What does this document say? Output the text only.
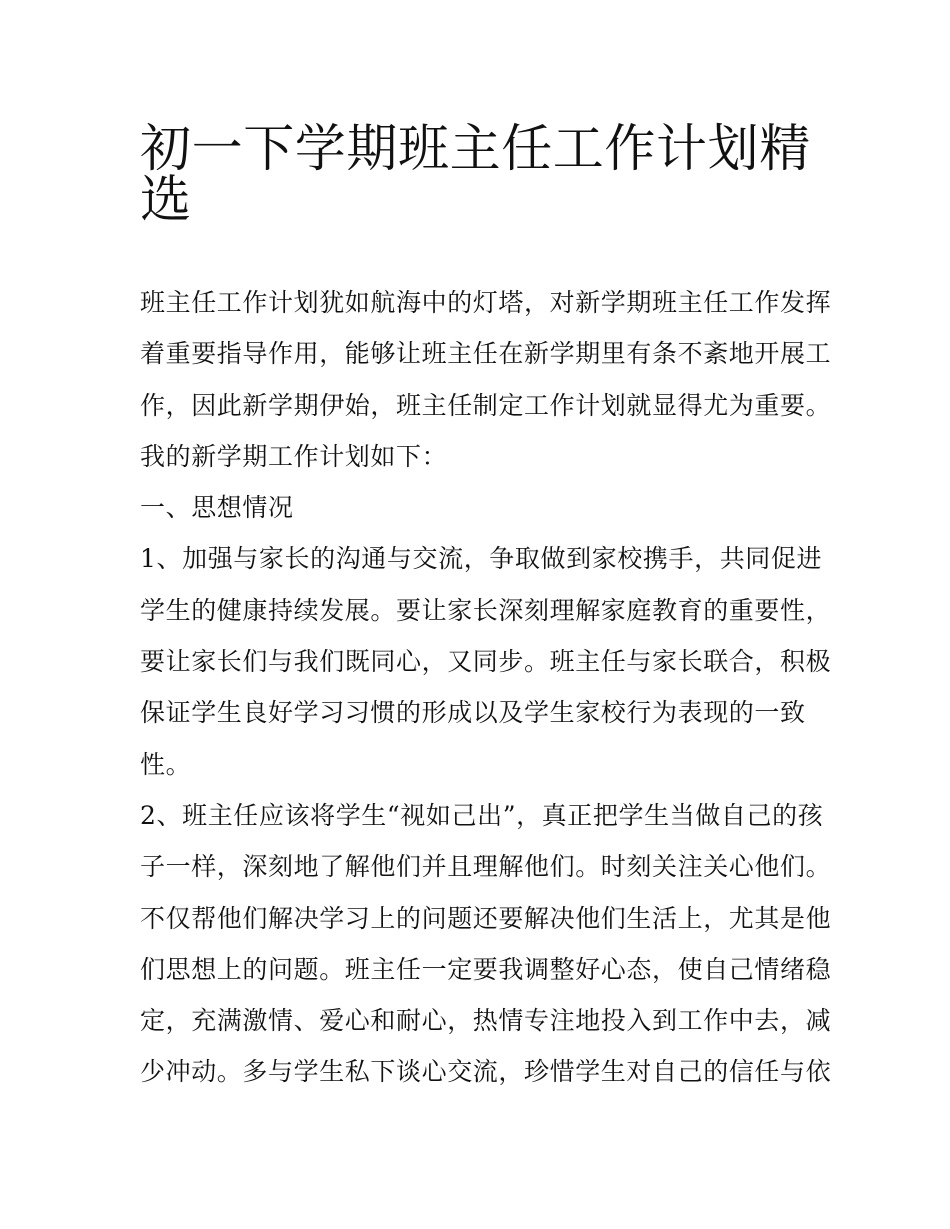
初一下学期班主任工作计划精
选
班主任工作计划犹如航海中的灯塔，对新学期班主任工作发挥
着重要指导作用，能够让班主任在新学期里有条不紊地开展工
作，因此新学期伊始，班主任制定工作计划就显得尤为重要。
我的新学期工作计划如下：
一、思想情况
1、加强与家长的沟通与交流，争取做到家校携手，共同促进
学生的健康持续发展。要让家长深刻理解家庭教育的重要性，
要让家长们与我们既同心，又同步。班主任与家长联合，积极
保证学生良好学习习惯的形成以及学生家校行为表现的一致
性。
2、班主任应该将学生“视如己出”，真正把学生当做自己的孩
子一样，深刻地了解他们并且理解他们。时刻关注关心他们。
不仅帮他们解决学习上的问题还要解决他们生活上，尤其是他
们思想上的问题。班主任一定要我调整好心态，使自己情绪稳
定，充满激情、爱心和耐心，热情专注地投入到工作中去，减
少冲动。多与学生私下谈心交流，珍惜学生对自己的信任与依
